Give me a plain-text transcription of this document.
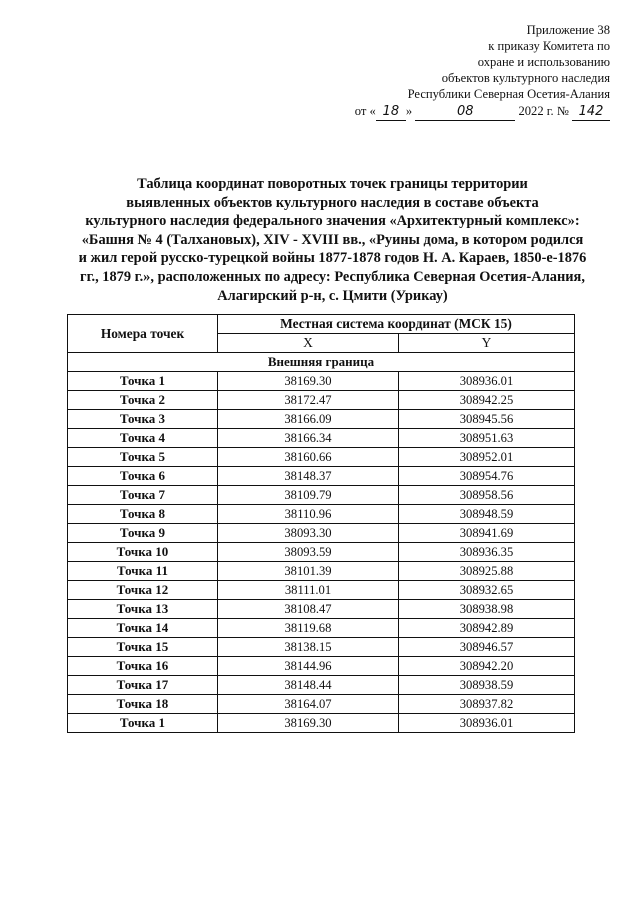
Приложение 38
к приказу Комитета по
охране и использованию
объектов культурного наследия
Республики Северная Осетия-Алания
от « 18 »	08	2022 г. № 142
Таблица координат поворотных точек границы территории
выявленных объектов культурного наследия в составе объекта
культурного наследия федерального значения «Архитектурный комплекс»:
«Башня № 4 (Талхановых), XIV - XVIII вв., «Руины дома, в котором родился
и жил герой русско-турецкой войны 1877-1878 годов Н. А. Караев, 1850-е-1876
гг., 1879 г.», расположенных по адресу: Республика Северная Осетия-Алания,
Алагирский р-н, с. Цмити (Урикау)
Номера точек	Местная система координат (МСК 15)	
	X	Y
Внешняя граница		
Точка 1	38169.30	308936.01
Точка 2	38172.47	308942.25
Точка 3	38166.09	308945.56
Точка 4	38166.34	308951.63
Точка 5	38160.66	308952.01
Точка 6	38148.37	308954.76
Точка 7	38109.79	308958.56
Точка 8	38110.96	308948.59
Точка 9	38093.30	308941.69
Точка 10	38093.59	308936.35
Точка 11	38101.39	308925.88
Точка 12	38111.01	308932.65
Точка 13	38108.47	308938.98
Точка 14	38119.68	308942.89
Точка 15	38138.15	308946.57
Точка 16	38144.96	308942.20
Точка 17	38148.44	308938.59
Точка 18	38164.07	308937.82
Точка 1	38169.30	308936.01
